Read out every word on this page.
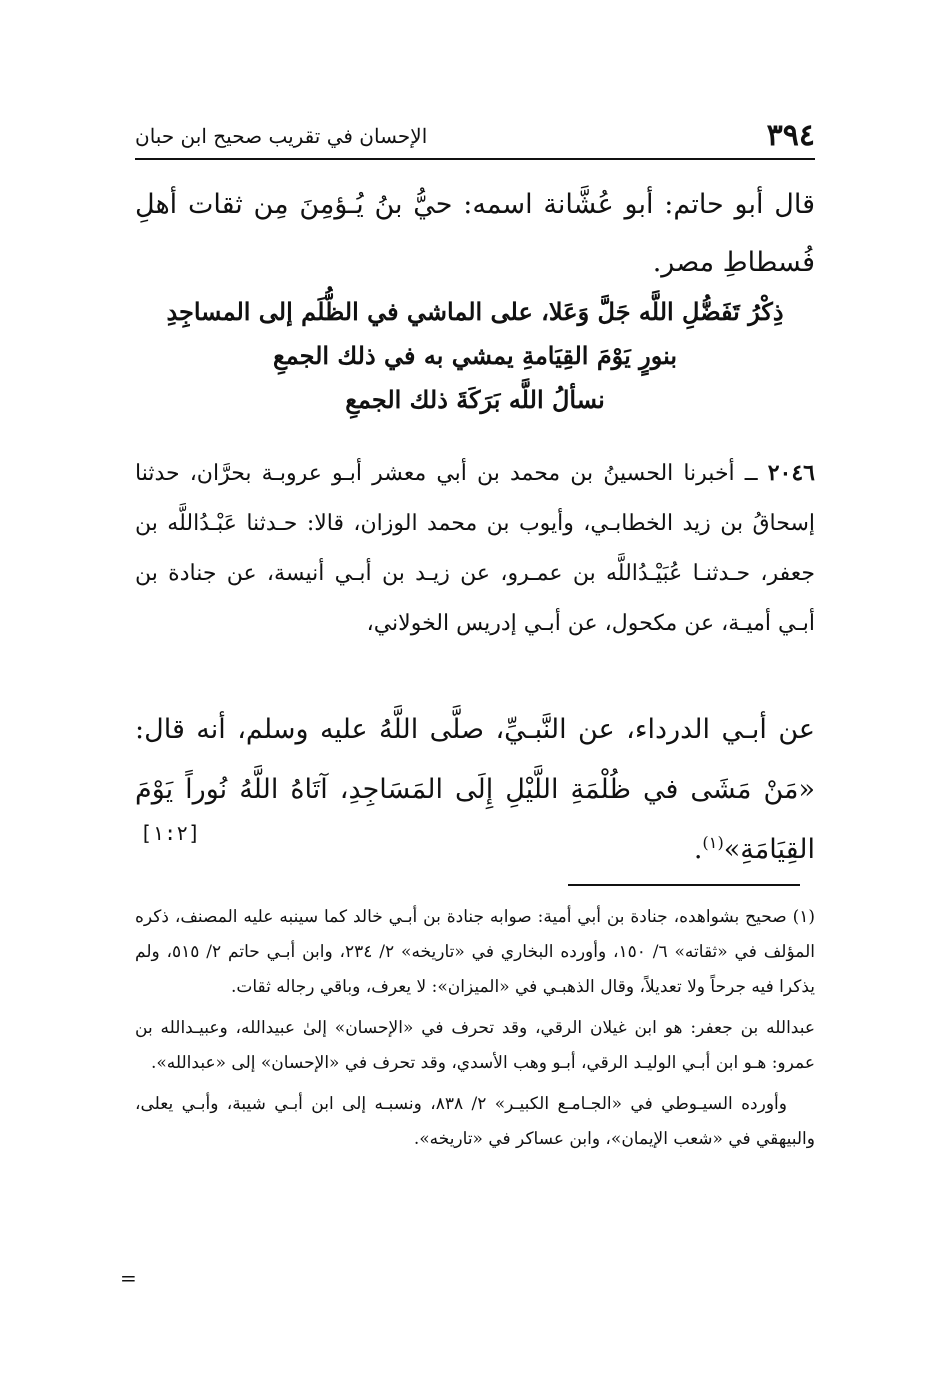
٣٩٤
الإحسان في تقريب صحيح ابن حبان
قال أبو حاتم: أبو عُشَّانة اسمه: حيُّ بنُ يُـؤمِنَ مِن ثقات أهلِ فُسطاطِ مصر.
ذِكْرُ تَفَضُّلِ اللَّه جَلَّ وَعَلا، على الماشي في الظُّلَم إلى المساجِدِ
بنورٍ يَوْمَ القِيَامةِ يمشي به في ذلك الجمعِ
نسألُ اللَّه بَرَكَةَ ذلك الجمعِ
٢٠٤٦ ــ أخبرنا الحسينُ بن محمد بن أبي معشر أبـو عروبـة بحرَّان، حدثنا إسحاقُ بن زيد الخطابـي، وأيوب بن محمد الوزان، قالا: حـدثنا عَبْـدُاللَّه بن جعفر، حـدثنـا عُبَيْـدُاللَّه بن عمـرو، عن زيـد بن أبـي أنيسة، عن جنادة بن أبـي أميـة، عن مكحول، عن أبـي إدريس الخولاني،
عن أبـي الدرداء، عن النَّبـيِّ، صلَّى اللَّهُ عليه وسلم، أنه قال: «مَنْ مَشَى في ظُلْمَةِ اللَّيْلِ إِلَى المَسَاجِدِ، آتَاهُ اللَّهُ نُوراً يَوْمَ القِيَامَةِ»$^{(١)}$.
[١:٢]
(١) صحيح بشواهده، جنادة بن أبي أمية: صوابه جنادة بن أبـي خالد كما سينبه عليه المصنف، ذكره المؤلف في «ثقاته» ٦/ ١٥٠، وأورده البخاري في «تاريخه» ٢/ ٢٣٤، وابن أبـي حاتم ٢/ ٥١٥، ولم يذكرا فيه جرحاً ولا تعديلاً، وقال الذهبـي في «الميزان»: لا يعرف، وباقي رجاله ثقات.
عبدالله بن جعفر: هو ابن غيلان الرقي، وقد تحرف في «الإحسان» إلىٰ عبيدالله، وعبيـدالله بن عمرو: هـو ابن أبـي الوليـد الرقي، أبـو وهب الأسدي، وقد تحرف في «الإحسان» إلى «عبدالله».
وأورده السيـوطي في «الجـامـع الكبيـر» ٢/ ٨٣٨، ونسبـه إلى ابن أبـي شيبة، وأبـي يعلى، والبيهقي في «شعب الإيمان»، وابن عساكر في «تاريخه».
=
